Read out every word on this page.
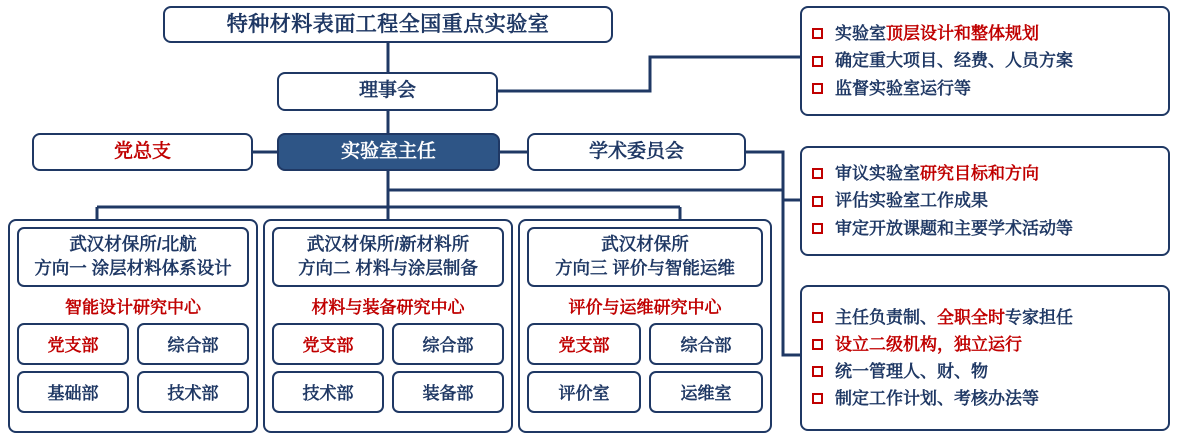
特种材料表面工程全国重点实验室
理事会
党总支	实验室主任	学术委员会
武汉材保所/北航
方向一 涂层材料体系设计
智能设计研究中心
党支部	综合部
基础部	技术部
武汉材保所/新材料所
方向二 材料与涂层制备
材料与装备研究中心
党支部	综合部
技术部	装备部
武汉材保所
方向三 评价与智能运维
评价与运维研究中心
党支部	综合部
评价室	运维室
实验室顶层设计和整体规划
确定重大项目、经费、人员方案
监督实验室运行等
审议实验室研究目标和方向
评估实验室工作成果
审定开放课题和主要学术活动等
主任负责制、全职全时专家担任
设立二级机构，独立运行
统一管理人、财、物
制定工作计划、考核办法等
